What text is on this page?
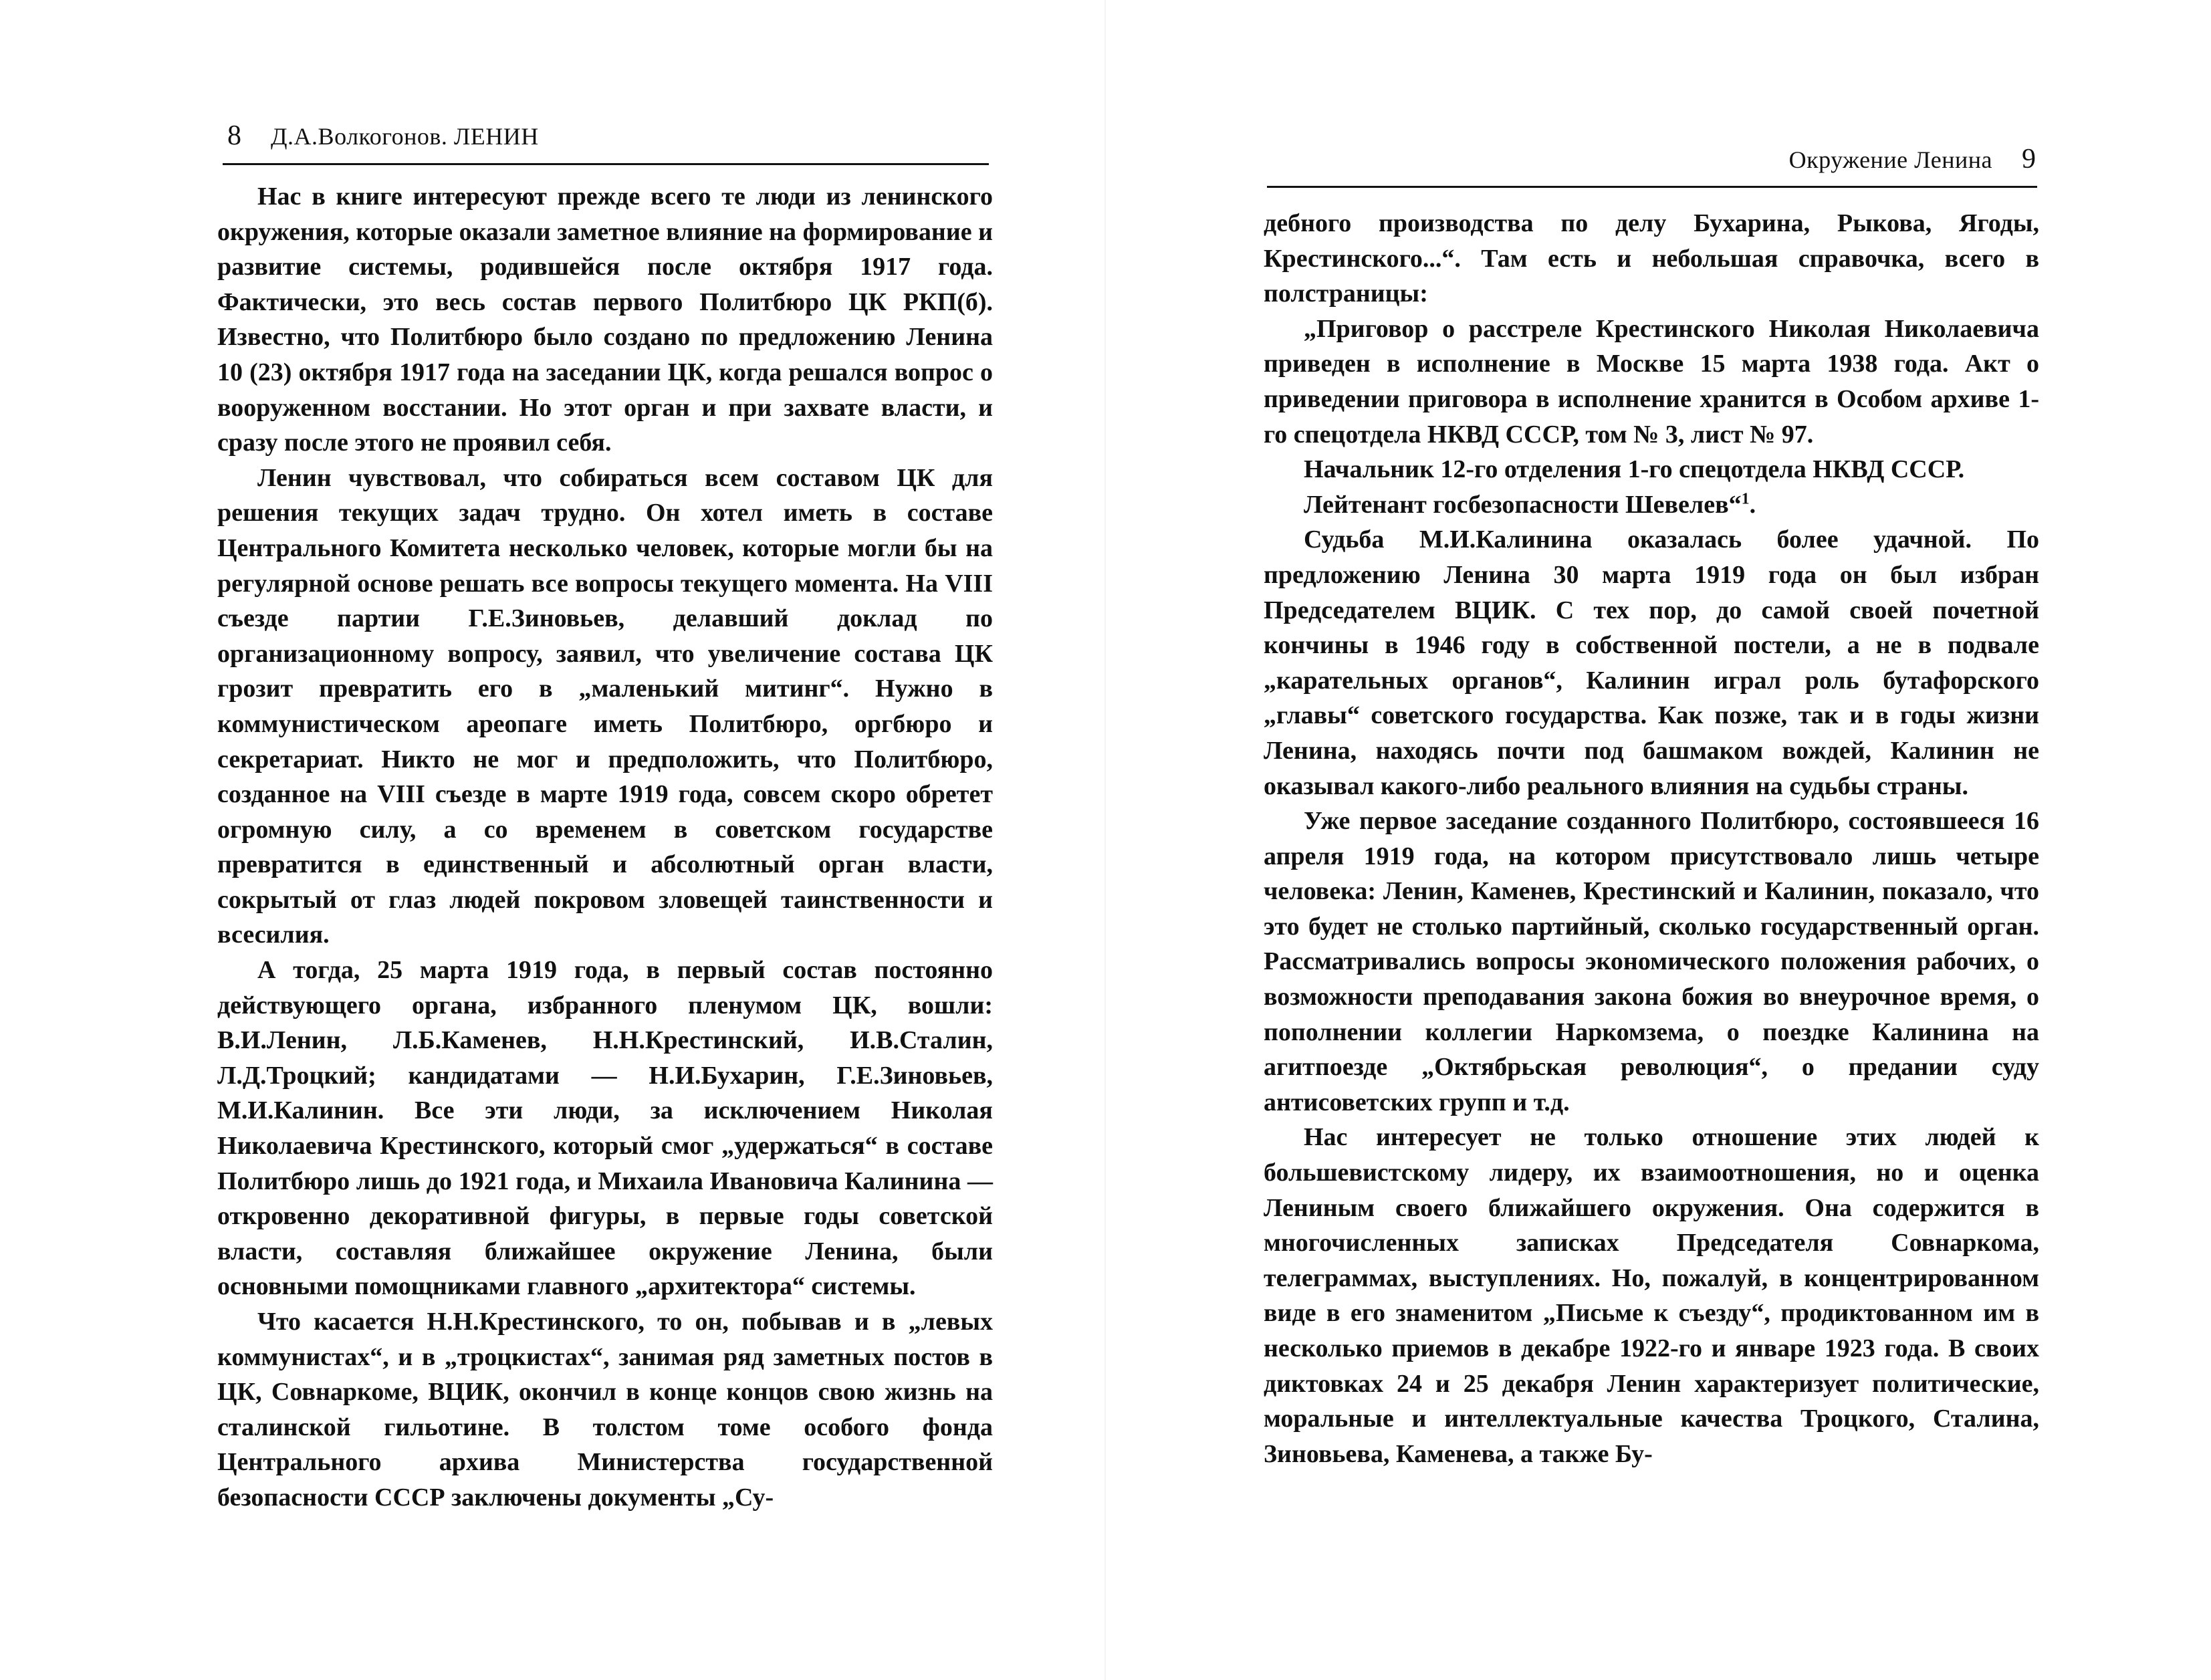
8 Д.А.Волкогонов. ЛЕНИН

Нас в книге интересуют прежде всего те люди из ленинского окружения, которые оказали заметное влияние на формирование и развитие системы, родившейся после октября 1917 года. Фактически, это весь состав первого Политбюро ЦК РКП(б). Известно, что Политбюро было создано по предложению Ленина 10 (23) октября 1917 года на заседании ЦК, когда решался вопрос о вооруженном восстании. Но этот орган и при захвате власти, и сразу после этого не проявил себя.

Ленин чувствовал, что собираться всем составом ЦК для решения текущих задач трудно. Он хотел иметь в составе Центрального Комитета несколько человек, которые могли бы на регулярной основе решать все вопросы текущего момента. На VIII съезде партии Г.Е.Зиновьев, делавший доклад по организационному вопросу, заявил, что увеличение состава ЦК грозит превратить его в „маленький митинг“. Нужно в коммунистическом ареопаге иметь Политбюро, оргбюро и секретариат. Никто не мог и предположить, что Политбюро, созданное на VIII съезде в марте 1919 года, совсем скоро обретет огромную силу, а со временем в советском государстве превратится в единственный и абсолютный орган власти, сокрытый от глаз людей покровом зловещей таинственности и всесилия.

А тогда, 25 марта 1919 года, в первый состав постоянно действующего органа, избранного пленумом ЦК, вошли: В.И.Ленин, Л.Б.Каменев, Н.Н.Крестинский, И.В.Сталин, Л.Д.Троцкий; кандидатами — Н.И.Бухарин, Г.Е.Зиновьев, М.И.Калинин. Все эти люди, за исключением Николая Николаевича Крестинского, который смог „удержаться“ в составе Политбюро лишь до 1921 года, и Михаила Ивановича Калинина — откровенно декоративной фигуры, в первые годы советской власти, составляя ближайшее окружение Ленина, были основными помощниками главного „архитектора“ системы.

Что касается Н.Н.Крестинского, то он, побывав и в „левых коммунистах“, и в „троцкистах“, занимая ряд заметных постов в ЦК, Совнаркоме, ВЦИК, окончил в конце концов свою жизнь на сталинской гильотине. В толстом томе особого фонда Центрального архива Министерства государственной безопасности СССР заключены документы „Су-

Окружение Ленина 9

дебного производства по делу Бухарина, Рыкова, Ягоды, Крестинского...“. Там есть и небольшая справочка, всего в полстраницы:

„Приговор о расстреле Крестинского Николая Николаевича приведен в исполнение в Москве 15 марта 1938 года. Акт о приведении приговора в исполнение хранится в Особом архиве 1-го спецотдела НКВД СССР, том № 3, лист № 97.

Начальник 12-го отделения 1-го спецотдела НКВД СССР.

Лейтенант госбезопасности Шевелев“$^1$.

Судьба М.И.Калинина оказалась более удачной. По предложению Ленина 30 марта 1919 года он был избран Председателем ВЦИК. С тех пор, до самой своей почетной кончины в 1946 году в собственной постели, а не в подвале „карательных органов“, Калинин играл роль бутафорского „главы“ советского государства. Как позже, так и в годы жизни Ленина, находясь почти под башмаком вождей, Калинин не оказывал какого-либо реального влияния на судьбы страны.

Уже первое заседание созданного Политбюро, состоявшееся 16 апреля 1919 года, на котором присутствовало лишь четыре человека: Ленин, Каменев, Крестинский и Калинин, показало, что это будет не столько партийный, сколько государственный орган. Рассматривались вопросы экономического положения рабочих, о возможности преподавания закона божия во внеурочное время, о пополнении коллегии Наркомзема, о поездке Калинина на агитпоезде „Октябрьская революция“, о предании суду антисоветских групп и т.д.

Нас интересует не только отношение этих людей к большевистскому лидеру, их взаимоотношения, но и оценка Лениным своего ближайшего окружения. Она содержится в многочисленных записках Председателя Совнаркома, телеграммах, выступлениях. Но, пожалуй, в концентрированном виде в его знаменитом „Письме к съезду“, продиктованном им в несколько приемов в декабре 1922-го и январе 1923 года. В своих диктовках 24 и 25 декабря Ленин характеризует политические, моральные и интеллектуальные качества Троцкого, Сталина, Зиновьева, Каменева, а также Бу-
